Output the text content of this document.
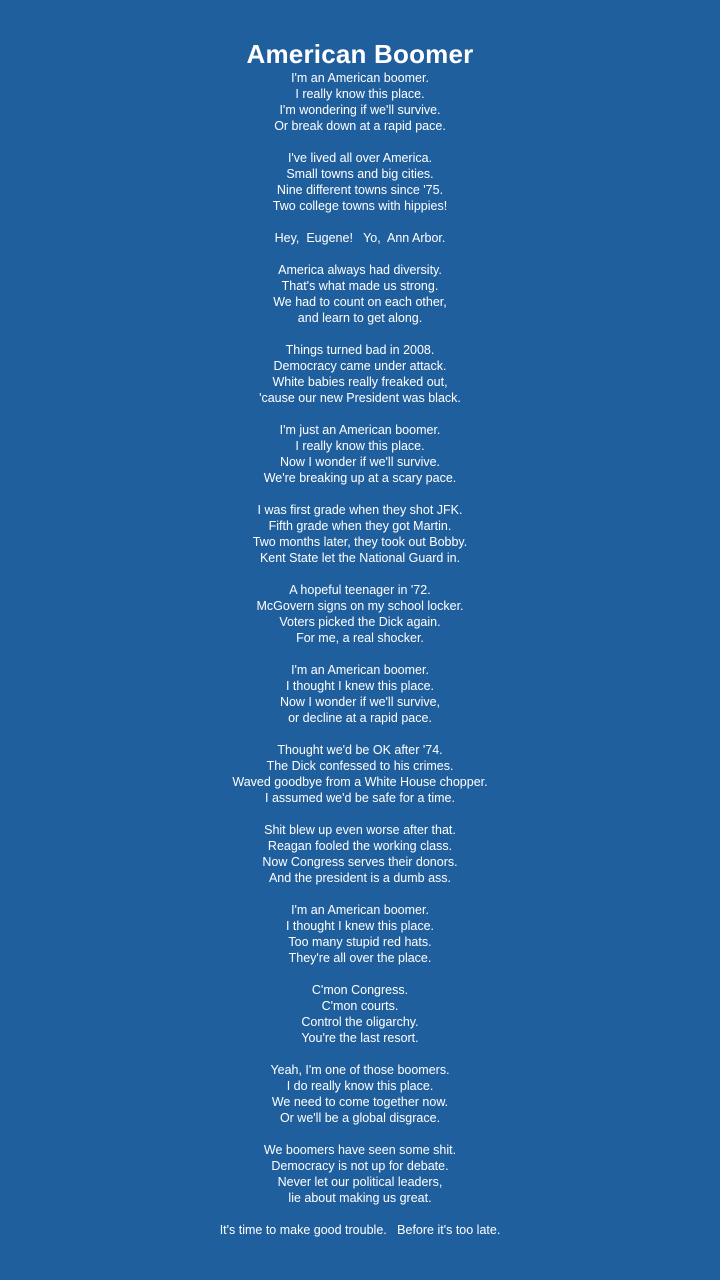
American Boomer
I'm an American boomer.
I really know this place.
I'm wondering if we'll survive.
Or break down at a rapid pace.
I've lived all over America.
Small towns and big cities.
Nine different towns since '75.
Two college towns with hippies!
Hey,  Eugene!   Yo,  Ann Arbor.
America always had diversity.
That's what made us strong.
We had to count on each other,
and learn to get along.
Things turned bad in 2008.
Democracy came under attack.
White babies really freaked out,
'cause our new President was black.
I'm just an American boomer.
I really know this place.
Now I wonder if we'll survive.
We're breaking up at a scary pace.
I was first grade when they shot JFK.
Fifth grade when they got Martin.
Two months later, they took out Bobby.
Kent State let the National Guard in.
A hopeful teenager in '72.
McGovern signs on my school locker.
Voters picked the Dick again.
For me, a real shocker.
I'm an American boomer.
I thought I knew this place.
Now I wonder if we'll survive,
or decline at a rapid pace.
Thought we'd be OK after '74.
The Dick confessed to his crimes.
Waved goodbye from a White House chopper.
I assumed we'd be safe for a time.
Shit blew up even worse after that.
Reagan fooled the working class.
Now Congress serves their donors.
And the president is a dumb ass.
I'm an American boomer.
I thought I knew this place.
Too many stupid red hats.
They're all over the place.
C'mon Congress.
C'mon courts.
Control the oligarchy.
You're the last resort.
Yeah, I'm one of those boomers.
I do really know this place.
We need to come together now.
Or we'll be a global disgrace.
We boomers have seen some shit.
Democracy is not up for debate.
Never let our political leaders,
lie about making us great.
It's time to make good trouble.   Before it's too late.
